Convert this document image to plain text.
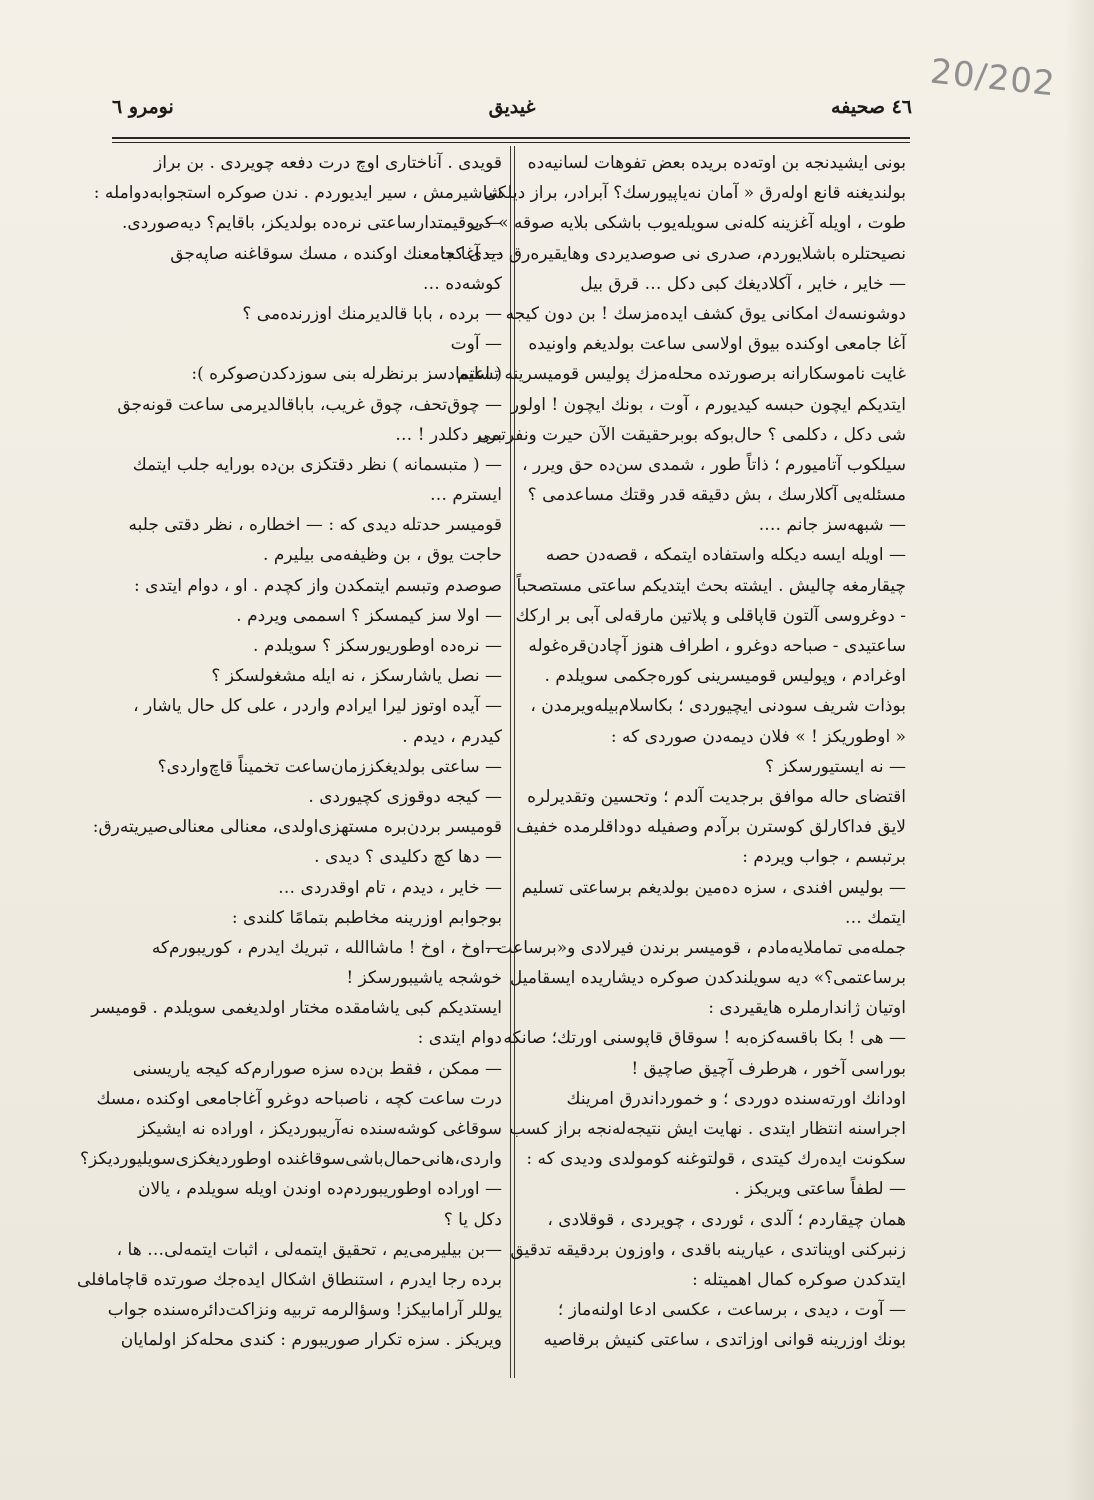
20/202
٤٦ صحیفه
غیدیق
نومرو ٦
بونی ایشیدنجه بن اوتەدە بریدە بعض تفوهات لسانیەدە
بولندیغنه قانع اولەرق « آمان نەیاپیورسك؟ آبرادر، براز دیلکی
طوت ، اویله آغزینه کلەنی سویلەیوب باشکی بلایه صوقه » کی
نصیحتلرە باشلایوردم، صدری نی صوصدیردی وهایقیرەرق دیدی که:
— خایر ، خایر ، آکلادیغك کبی دکل … قرق بیل
دوشونسەك امکانی یوق کشف ایدەمزسك ! بن دون کیجه
آغا جامعی اوکندە بیوق اولاسی ساعت بولدیغم واونیدە
غایت ناموسکارانه برصورتدە محلەمزك پولیس قومیسرینه تسلیم
ایتدیکم ایچون حبسه کیدیورم ، آوت ، بونك ایچون ! اولور
شی دکل ، دکلمی ؟ حال‌بوکه بوبرحقیقت الآن حیرت ونفرتمی
سیلکوب آتامیورم ؛ ذاتاً طور ، شمدی سن‌دە حق ویرر ،
مسئلەیی آکلارسك ، بش دقیقه قدر وقتك مساعدمی ؟
— شبهەسز جانم ….
— اویله ایسه دیکله واستفادە ایتمکه ، قصەدن حصه
چیقارمغه چالیش . ایشتە بحث ایتدیکم ساعتی مستصحباً
- دوغروسی آلتون قاپاقلی و پلاتین مارقەلی آبی بر ارکك
ساعتیدی - صباحه دوغرو ، اطراف هنوز آچادن‌قره‌غوله
اوغرادم ، وپولیس قومیسرینی کورەجکمی سویلدم .
بوذات شریف سودنی ایچیوردی ؛ بکاسلام‌بیله‌ویرمدن ،
« اوطوریکز ! » فلان دیمەدن صوردی که :
— نه ایستیورسکز ؟
اقتضای حاله موافق برجدیت آلدم ؛ وتحسین وتقدیرلره
لایق فداکارلق کوسترن برآدم وصفیله دوداقلرمدە خفیف
برتبسم ، جواب ویردم :
— بولیس افندی ، سزه دەمین بولدیغم برساعتی تسلیم
ایتمك …
جملەمی تماملایەمادم ، قومیسر برندن فیرلادی و«برساعت ،
برساعتمی؟» دیه سویلندکدن صوکره دیشاریدە ایسقامیل
اوتیان ژاندارملره هایقیردی :
— هی ! بکا باقسه‌کزه‌به ! سوقاق قاپوسنی اورتك؛ صانکه
بوراسی آخور ، هرطرف آچیق صاچیق !
اودانك اورته‌سنده دوردی ؛ و خمورداندرق امرینك
اجراسنه انتظار ایتدی . نهایت ایش نتیجەلەنجه براز کسب
سکونت ایدەرك کیتدی ، قولتوغنه کومولدی ودیدی که :
— لطفاً ساعتی ویریکز .
همان چیقاردم ؛ آلدی ، ئوردی ، چویردی ، قوقلادی ،
زنبرکنی اویناتدی ، عیارینه باقدی ، واوزون بردقیقه تدقیق
ایتدکدن صوکره کمال اهمیتله :
— آوت ، دیدی ، برساعت ، عکسی ادعا اولنەماز ؛
بونك اوزرینه قوانی اوزاتدی ، ساعتی کنیش برقاصیه
قویدی . آناختاری اوچ درت دفعه چویردی . بن براز
شاشیرمش ، سیر ایدیوردم . ندن صوکره استجوابەدوامله :
— بوقیمتدارساعتی نرەدە بولدیکز، باقایم؟ دیەصوردی.
— آغا جامعنك اوکندە ، مسك سوقاغنه صاپەجق
کوشەدە …
— برده ، بابا قالدیرمنك اوزرندەمی ؟
— آوت
( اعتمادسز برنظرله بنی سوزدکدن‌صوکره ):
— چوق‌تحف، چوق غریب، باباقالدیرمی ساعت قونەجق
بریر دکلدر ! …
— ( متبسمانه ) نظر دقتکزی بن‌دە بورایه جلب ایتمك
ایسترم …
قومیسر حدتله دیدی که : — اخطارە ، نظر دقتی جلبه
حاجت یوق ، بن وظیفەمی بیلیرم .
صوصدم وتبسم ایتمکدن واز کچدم . او ، دوام ایتدی :
— اولا سز کیمسکز ؟ اسممی ویردم .
— نرەدە اوطوریورسکز ؟ سویلدم .
— نصل یاشارسکز ، نه ایله مشغولسکز ؟
— آیدە اوتوز لیرا ایرادم واردر ، علی کل حال یاشار ،
کیدرم ، دیدم .
— ساعتی بولدیغکززمان‌ساعت تخمیناً قاچ‌واردی؟
— کیجه دوقوزی کچیوردی .
قومیسر بردن‌برە مستهزی‌اولدی، معنالی معنالی‌صیریتەرق:
— دها کچ دکلیدی ؟ دیدی .
— خایر ، دیدم ، تام اوقدردی …
بوجوابم اوزرینه مخاطبم بتمامًا کلندی :
—اوخ ، اوخ ! ماشاالله ، تبریك ایدرم ، کوریبورم‌که
خوشجه یاشیبورسکز !
ایستدیکم کبی یاشامقدە مختار اولدیغمی سویلدم . قومیسر
دوام ایتدی :
— ممکن ، فقط بن‌دە سزه صورارم‌که کیجه یاریسنی
درت ساعت کچه ، ناصباحه دوغرو آغاجامعی اوکندە ،مسك
سوقاغی کوشەسندە نەآریبوردیکز ، اورادە نه ایشیکز
واردی،هانی‌حمال‌باشی‌سوقاغندە اوطوردیغکزی‌سویلیوردیکز؟
— اورادە اوطوریبوردم‌دە اوندن اویله سویلدم ، یالان
دکل یا ؟
—بن بیلیرمی‌یم ، تحقیق ایتمەلی ، اثبات ایتمەلی… ها ،
بردە رجا ایدرم ، استنطاق اشکال ایدەجك صورتدە قاچامافلی
یوللر آرامابیکز! وسؤالرمه تربیه ونزاکت‌دائرەسندە جواب
ویریکز . سزه تکرار صوریبورم : کندی محلەکز اولمایان
